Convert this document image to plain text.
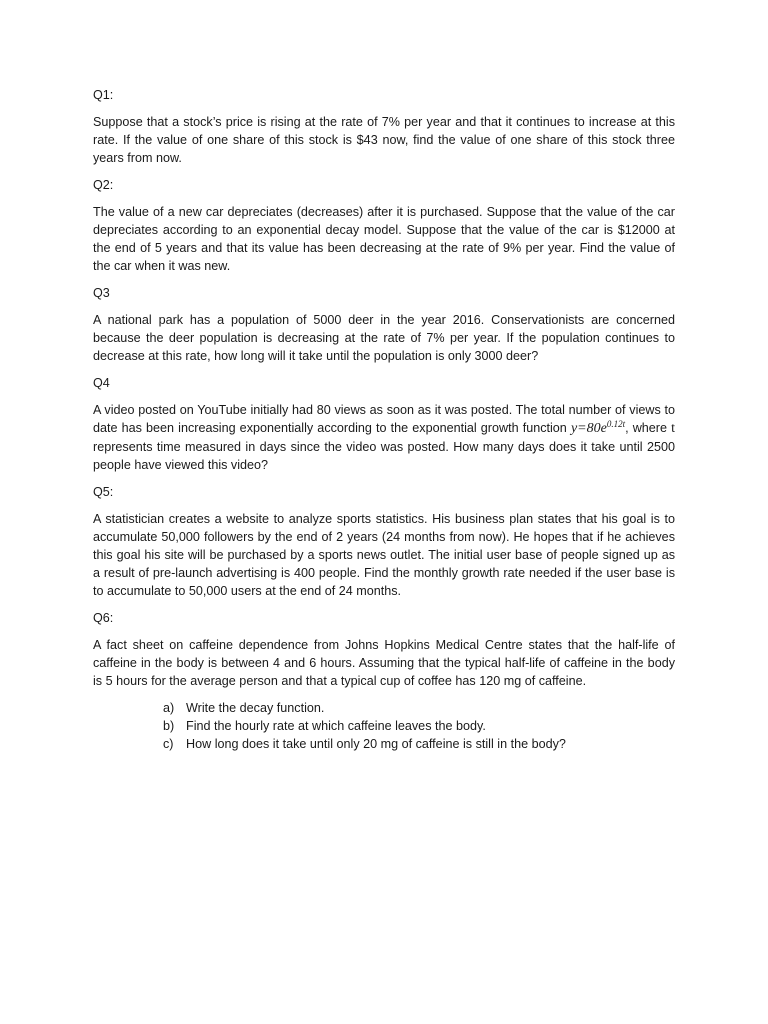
Q1:

Suppose that a stock’s price is rising at the rate of 7% per year and that it continues to increase at this rate. If the value of one share of this stock is $43 now, find the value of one share of this stock three years from now.

Q2:

The value of a new car depreciates (decreases) after it is purchased. Suppose that the value of the car depreciates according to an exponential decay model. Suppose that the value of the car is $12000 at the end of 5 years and that its value has been decreasing at the rate of 9% per year. Find the value of the car when it was new.

Q3

A national park has a population of 5000 deer in the year 2016. Conservationists are concerned because the deer population is decreasing at the rate of 7% per year. If the population continues to decrease at this rate, how long will it take until the population is only 3000 deer?

Q4

A video posted on YouTube initially had 80 views as soon as it was posted. The total number of views to date has been increasing exponentially according to the exponential growth function $y=80e^{0.12t}$, where t represents time measured in days since the video was posted. How many days does it take until 2500 people have viewed this video?

Q5:

A statistician creates a website to analyze sports statistics. His business plan states that his goal is to accumulate 50,000 followers by the end of 2 years (24 months from now). He hopes that if he achieves this goal his site will be purchased by a sports news outlet. The initial user base of people signed up as a result of pre-launch advertising is 400 people. Find the monthly growth rate needed if the user base is to accumulate to 50,000 users at the end of 24 months.

Q6:

A fact sheet on caffeine dependence from Johns Hopkins Medical Centre states that the half-life of caffeine in the body is between 4 and 6 hours. Assuming that the typical half-life of caffeine in the body is 5 hours for the average person and that a typical cup of coffee has 120 mg of caffeine.

a) Write the decay function.
b) Find the hourly rate at which caffeine leaves the body.
c) How long does it take until only 20 mg of caffeine is still in the body?
